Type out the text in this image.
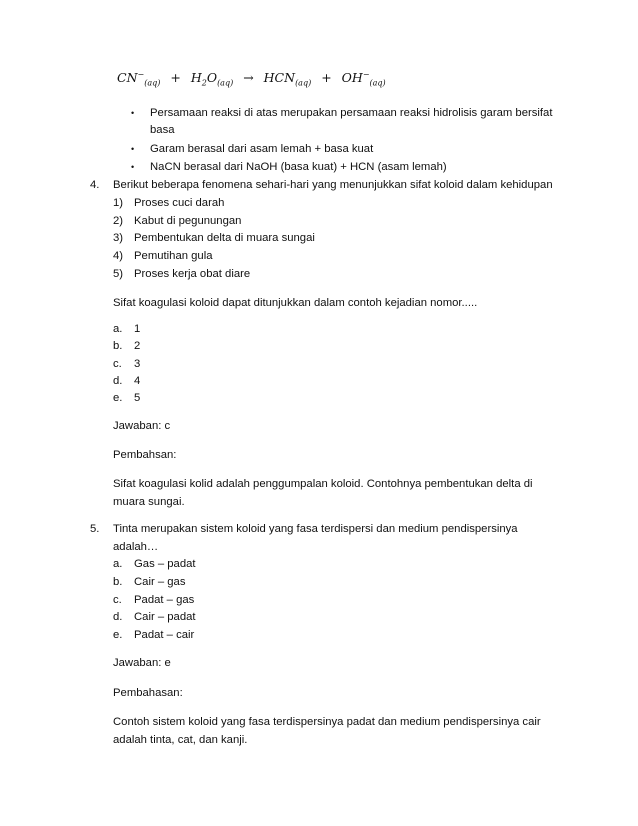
$CN^-_{(aq)} + H_2O_{(aq)} \to HCN_{(aq)} + OH^-_{(aq)}$
• Persamaan reaksi di atas merupakan persamaan reaksi hidrolisis garam bersifat
basa
• Garam berasal dari asam lemah + basa kuat
• NaCN berasal dari NaOH (basa kuat) + HCN (asam lemah)
4. Berikut beberapa fenomena sehari-hari yang menunjukkan sifat koloid dalam kehidupan
1) Proses cuci darah
2) Kabut di pegunungan
3) Pembentukan delta di muara sungai
4) Pemutihan gula
5) Proses kerja obat diare
Sifat koagulasi koloid dapat ditunjukkan dalam contoh kejadian nomor.....
a. 1
b. 2
c. 3
d. 4
e. 5
Jawaban: c
Pembahsan:
Sifat koagulasi kolid adalah penggumpalan koloid. Contohnya pembentukan delta di
muara sungai.
5. Tinta merupakan sistem koloid yang fasa terdispersi dan medium pendispersinya
adalah…
a. Gas – padat
b. Cair – gas
c. Padat – gas
d. Cair – padat
e. Padat – cair
Jawaban: e
Pembahasan:
Contoh sistem koloid yang fasa terdispersinya padat dan medium pendispersinya cair
adalah tinta, cat, dan kanji.
